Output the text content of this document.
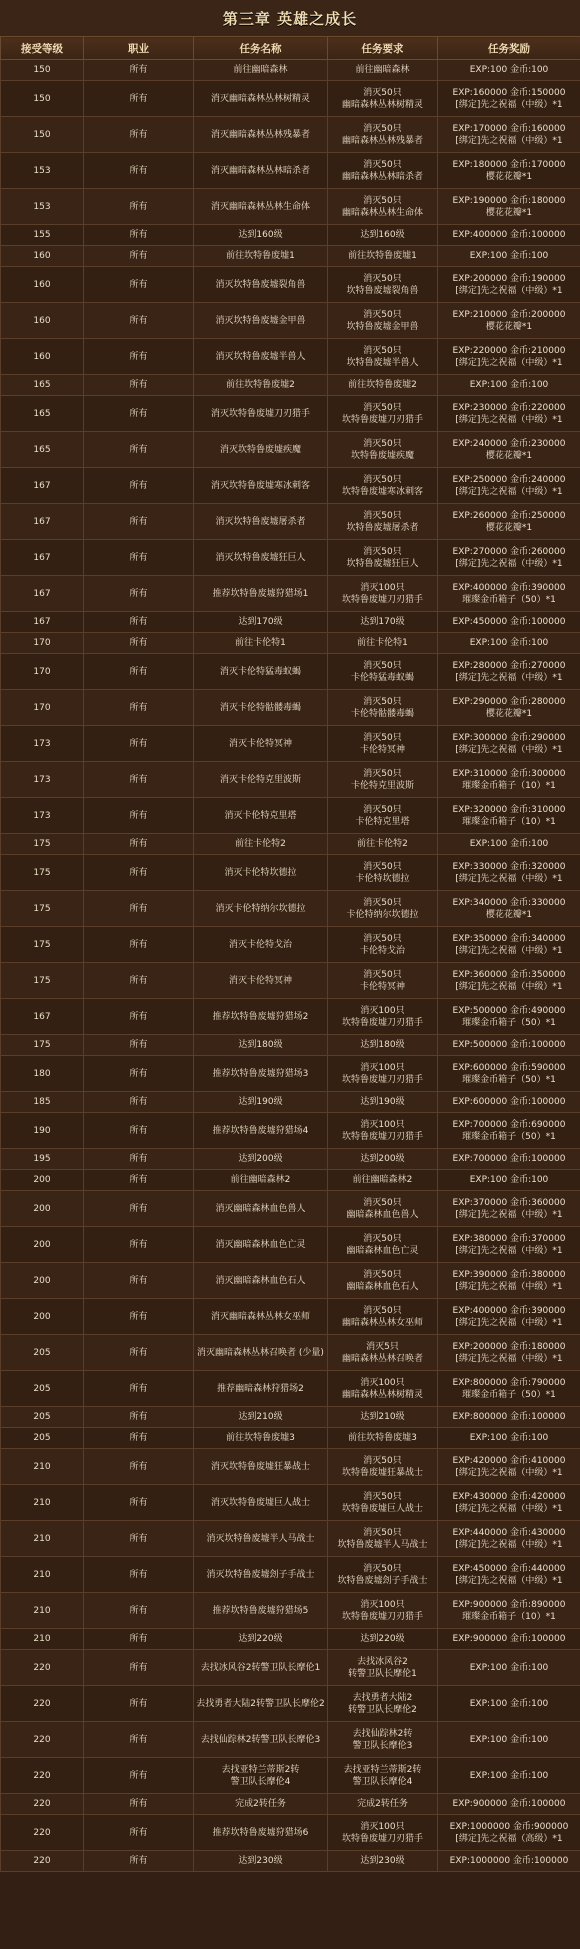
第三章 英雄之成长
接受等级	职业	任务名称	任务要求	任务奖励

150	所有	前往幽暗森林	前往幽暗森林	EXP:100 金币:100

150	所有	消灭幽暗森林丛林树精灵	消灭50只
幽暗森林丛林树精灵	EXP:160000 金币:150000
[绑定]先之祝福（中级）*1

150	所有	消灭幽暗森林丛林残暴者	消灭50只
幽暗森林丛林残暴者	EXP:170000 金币:160000
[绑定]先之祝福（中级）*1

153	所有	消灭幽暗森林丛林暗杀者	消灭50只
幽暗森林丛林暗杀者	EXP:180000 金币:170000
樱花花瓣*1

153	所有	消灭幽暗森林丛林生命体	消灭50只
幽暗森林丛林生命体	EXP:190000 金币:180000
樱花花瓣*1

155	所有	达到160级	达到160级	EXP:400000 金币:100000

160	所有	前往坎特鲁废墟1	前往坎特鲁废墟1	EXP:100 金币:100

160	所有	消灭坎特鲁废墟裂角兽	消灭50只
坎特鲁废墟裂角兽	EXP:200000 金币:190000
[绑定]先之祝福（中级）*1

160	所有	消灭坎特鲁废墟金甲兽	消灭50只
坎特鲁废墟金甲兽	EXP:210000 金币:200000
樱花花瓣*1

160	所有	消灭坎特鲁废墟半兽人	消灭50只
坎特鲁废墟半兽人	EXP:220000 金币:210000
[绑定]先之祝福（中级）*1

165	所有	前往坎特鲁废墟2	前往坎特鲁废墟2	EXP:100 金币:100

165	所有	消灭坎特鲁废墟刀刃猎手	消灭50只
坎特鲁废墟刀刃猎手	EXP:230000 金币:220000
[绑定]先之祝福（中级）*1

165	所有	消灭坎特鲁废墟疾魔	消灭50只
坎特鲁废墟疾魔	EXP:240000 金币:230000
樱花花瓣*1

167	所有	消灭坎特鲁废墟寒冰刺客	消灭50只
坎特鲁废墟寒冰刺客	EXP:250000 金币:240000
[绑定]先之祝福（中级）*1

167	所有	消灭坎特鲁废墟屠杀者	消灭50只
坎特鲁废墟屠杀者	EXP:260000 金币:250000
樱花花瓣*1

167	所有	消灭坎特鲁废墟狂巨人	消灭50只
坎特鲁废墟狂巨人	EXP:270000 金币:260000
[绑定]先之祝福（中级）*1

167	所有	推荐坎特鲁废墟狩猎场1	消灭100只
坎特鲁废墟刀刃猎手	EXP:400000 金币:390000
璀璨金币箱子（50）*1

167	所有	达到170级	达到170级	EXP:450000 金币:100000

170	所有	前往卡伦特1	前往卡伦特1	EXP:100 金币:100

170	所有	消灭卡伦特猛毒蚁蝎	消灭50只
卡伦特猛毒蚁蝎	EXP:280000 金币:270000
[绑定]先之祝福（中级）*1

170	所有	消灭卡伦特骷髅毒蝎	消灭50只
卡伦特骷髅毒蝎	EXP:290000 金币:280000
樱花花瓣*1

173	所有	消灭卡伦特冥神	消灭50只
卡伦特冥神	EXP:300000 金币:290000
[绑定]先之祝福（中级）*1

173	所有	消灭卡伦特克里波斯	消灭50只
卡伦特克里波斯	EXP:310000 金币:300000
璀璨金币箱子（10）*1

173	所有	消灭卡伦特克里塔	消灭50只
卡伦特克里塔	EXP:320000 金币:310000
璀璨金币箱子（10）*1

175	所有	前往卡伦特2	前往卡伦特2	EXP:100 金币:100

175	所有	消灭卡伦特坎德拉	消灭50只
卡伦特坎德拉	EXP:330000 金币:320000
[绑定]先之祝福（中级）*1

175	所有	消灭卡伦特纳尔坎德拉	消灭50只
卡伦特纳尔坎德拉	EXP:340000 金币:330000
樱花花瓣*1

175	所有	消灭卡伦特戈治	消灭50只
卡伦特戈治	EXP:350000 金币:340000
[绑定]先之祝福（中级）*1

175	所有	消灭卡伦特冥神	消灭50只
卡伦特冥神	EXP:360000 金币:350000
[绑定]先之祝福（中级）*1

167	所有	推荐坎特鲁废墟狩猎场2	消灭100只
坎特鲁废墟刀刃猎手	EXP:500000 金币:490000
璀璨金币箱子（50）*1

175	所有	达到180级	达到180级	EXP:500000 金币:100000

180	所有	推荐坎特鲁废墟狩猎场3	消灭100只
坎特鲁废墟刀刃猎手	EXP:600000 金币:590000
璀璨金币箱子（50）*1

185	所有	达到190级	达到190级	EXP:600000 金币:100000

190	所有	推荐坎特鲁废墟狩猎场4	消灭100只
坎特鲁废墟刀刃猎手	EXP:700000 金币:690000
璀璨金币箱子（50）*1

195	所有	达到200级	达到200级	EXP:700000 金币:100000

200	所有	前往幽暗森林2	前往幽暗森林2	EXP:100 金币:100

200	所有	消灭幽暗森林血色兽人	消灭50只
幽暗森林血色兽人	EXP:370000 金币:360000
[绑定]先之祝福（中级）*1

200	所有	消灭幽暗森林血色亡灵	消灭50只
幽暗森林血色亡灵	EXP:380000 金币:370000
[绑定]先之祝福（中级）*1

200	所有	消灭幽暗森林血色石人	消灭50只
幽暗森林血色石人	EXP:390000 金币:380000
[绑定]先之祝福（中级）*1

200	所有	消灭幽暗森林丛林女巫师	消灭50只
幽暗森林丛林女巫师	EXP:400000 金币:390000
[绑定]先之祝福（中级）*1

205	所有	消灭幽暗森林丛林召唤者 (少量)	消灭5只
幽暗森林丛林召唤者	EXP:200000 金币:180000
[绑定]先之祝福（中级）*1

205	所有	推荐幽暗森林狩猎场2	消灭100只
幽暗森林丛林树精灵	EXP:800000 金币:790000
璀璨金币箱子（50）*1

205	所有	达到210级	达到210级	EXP:800000 金币:100000

205	所有	前往坎特鲁废墟3	前往坎特鲁废墟3	EXP:100 金币:100

210	所有	消灭坎特鲁废墟狂暴战士	消灭50只
坎特鲁废墟狂暴战士	EXP:420000 金币:410000
[绑定]先之祝福（中级）*1

210	所有	消灭坎特鲁废墟巨人战士	消灭50只
坎特鲁废墟巨人战士	EXP:430000 金币:420000
[绑定]先之祝福（中级）*1

210	所有	消灭坎特鲁废墟半人马战士	消灭50只
坎特鲁废墟半人马战士	EXP:440000 金币:430000
[绑定]先之祝福（中级）*1

210	所有	消灭坎特鲁废墟刽子手战士	消灭50只
坎特鲁废墟刽子手战士	EXP:450000 金币:440000
[绑定]先之祝福（中级）*1

210	所有	推荐坎特鲁废墟狩猎场5	消灭100只
坎特鲁废墟刀刃猎手	EXP:900000 金币:890000
璀璨金币箱子（10）*1

210	所有	达到220级	达到220级	EXP:900000 金币:100000

220	所有	去找冰风谷2转警卫队长摩伦1	去找冰风谷2
转警卫队长摩伦1	EXP:100 金币:100

220	所有	去找勇者大陆2转警卫队长摩伦2	去找勇者大陆2
转警卫队长摩伦2	EXP:100 金币:100

220	所有	去找仙踪林2转警卫队长摩伦3	去找仙踪林2转
警卫队长摩伦3	EXP:100 金币:100

220	所有	去找亚特兰蒂斯2转
警卫队长摩伦4	去找亚特兰蒂斯2转
警卫队长摩伦4	EXP:100 金币:100

220	所有	完成2转任务	完成2转任务	EXP:900000 金币:100000

220	所有	推荐坎特鲁废墟狩猎场6	消灭100只
坎特鲁废墟刀刃猎手	EXP:1000000 金币:900000
[绑定]先之祝福（高级）*1

220	所有	达到230级	达到230级	EXP:1000000 金币:100000
